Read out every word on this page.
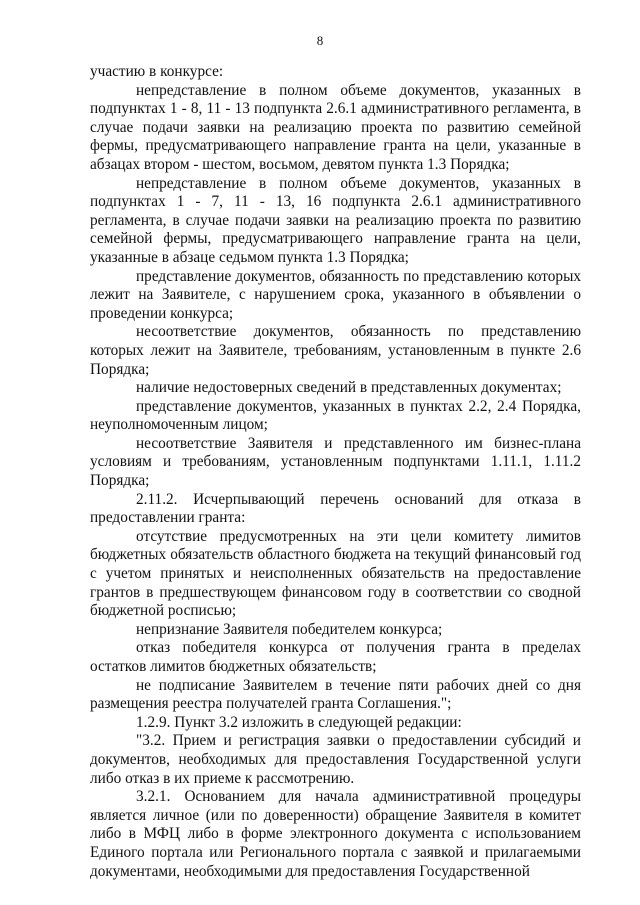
8

участию в конкурсе:

непредставление в полном объеме документов, указанных в подпунктах 1 - 8, 11 - 13 подпункта 2.6.1 административного регламента, в случае подачи заявки на реализацию проекта по развитию семейной фермы, предусматривающего направление гранта на цели, указанные в абзацах втором - шестом, восьмом, девятом пункта 1.3 Порядка;

непредставление в полном объеме документов, указанных в подпунктах 1 - 7, 11 - 13, 16 подпункта 2.6.1 административного регламента, в случае подачи заявки на реализацию проекта по развитию семейной фермы, предусматривающего направление гранта на цели, указанные в абзаце седьмом пункта 1.3 Порядка;

представление документов, обязанность по представлению которых лежит на Заявителе, с нарушением срока, указанного в объявлении о проведении конкурса;

несоответствие документов, обязанность по представлению которых лежит на Заявителе, требованиям, установленным в пункте 2.6 Порядка;

наличие недостоверных сведений в представленных документах;

представление документов, указанных в пунктах 2.2, 2.4 Порядка, неуполномоченным лицом;

несоответствие Заявителя и представленного им бизнес-плана условиям и требованиям, установленным подпунктами 1.11.1, 1.11.2 Порядка;

2.11.2. Исчерпывающий перечень оснований для отказа в предоставлении гранта:

отсутствие предусмотренных на эти цели комитету лимитов бюджетных обязательств областного бюджета на текущий финансовый год с учетом принятых и неисполненных обязательств на предоставление грантов в предшествующем финансовом году в соответствии со сводной бюджетной росписью;

непризнание Заявителя победителем конкурса;

отказ победителя конкурса от получения гранта в пределах остатков лимитов бюджетных обязательств;

не подписание Заявителем в течение пяти рабочих дней со дня размещения реестра получателей гранта Соглашения.";

1.2.9. Пункт 3.2 изложить в следующей редакции:

"3.2. Прием и регистрация заявки о предоставлении субсидий и документов, необходимых для предоставления Государственной услуги либо отказ в их приеме к рассмотрению.

3.2.1. Основанием для начала административной процедуры является личное (или по доверенности) обращение Заявителя в комитет либо в МФЦ либо в форме электронного документа с использованием Единого портала или Регионального портала с заявкой и прилагаемыми документами, необходимыми для предоставления Государственной
